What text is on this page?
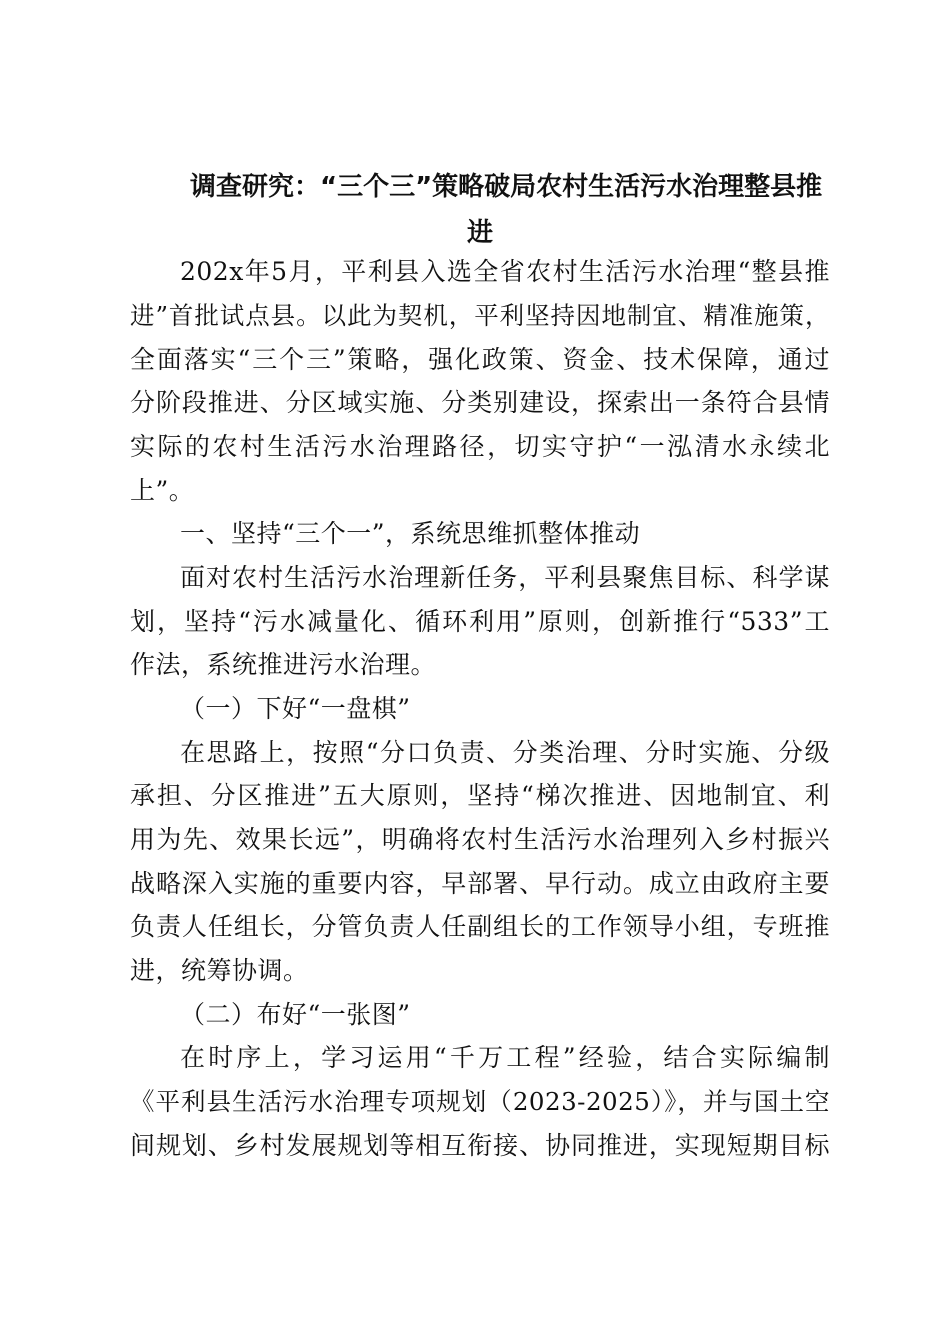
调查研究：“三个三”策略破局农村生活污水治理整县推
进
202x年5月，平利县入选全省农村生活污水治理“整县推
进”首批试点县。以此为契机，平利坚持因地制宜、精准施策，
全面落实“三个三”策略，强化政策、资金、技术保障，通过
分阶段推进、分区域实施、分类别建设，探索出一条符合县情
实际的农村生活污水治理路径，切实守护“一泓清水永续北
上”。
一、坚持“三个一”，系统思维抓整体推动
面对农村生活污水治理新任务，平利县聚焦目标、科学谋
划，坚持“污水减量化、循环利用”原则，创新推行“533”工
作法，系统推进污水治理。
（一）下好“一盘棋”
在思路上，按照“分口负责、分类治理、分时实施、分级
承担、分区推进”五大原则，坚持“梯次推进、因地制宜、利
用为先、效果长远”，明确将农村生活污水治理列入乡村振兴
战略深入实施的重要内容，早部署、早行动。成立由政府主要
负责人任组长，分管负责人任副组长的工作领导小组，专班推
进，统筹协调。
（二）布好“一张图”
在时序上，学习运用“千万工程”经验，结合实际编制
《平利县生活污水治理专项规划（2023-2025）》，并与国土空
间规划、乡村发展规划等相互衔接、协同推进，实现短期目标
